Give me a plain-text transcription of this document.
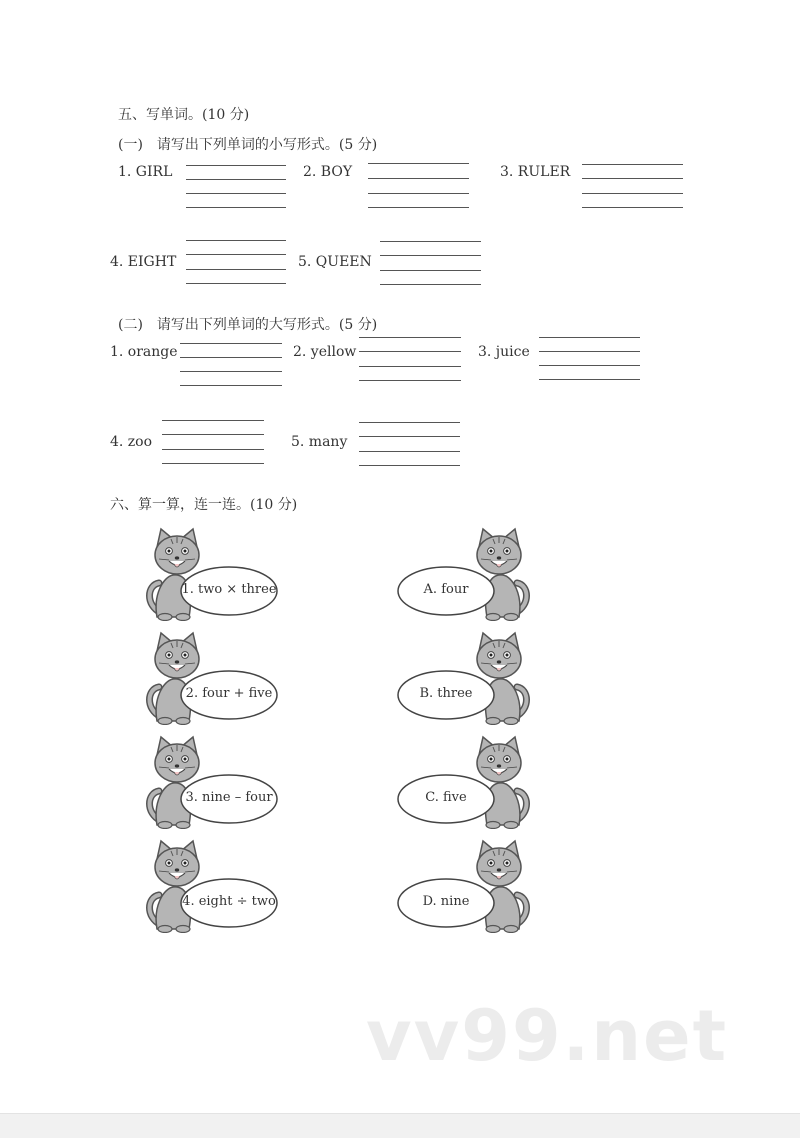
五、写单词。(10 分)
(一)　请写出下列单词的小写形式。(5 分)
1. GIRL	2. BOY	3. RULER
4. EIGHT	5. QUEEN
(二)　请写出下列单词的大写形式。(5 分)
1. orange	2. yellow	3. juice
4. zoo	5. many
六、算一算，连一连。(10 分)
1. two × three
2. four + five
3. nine – four
4. eight ÷ two
A. four
B. three
C. five
D. nine
vv99.net
